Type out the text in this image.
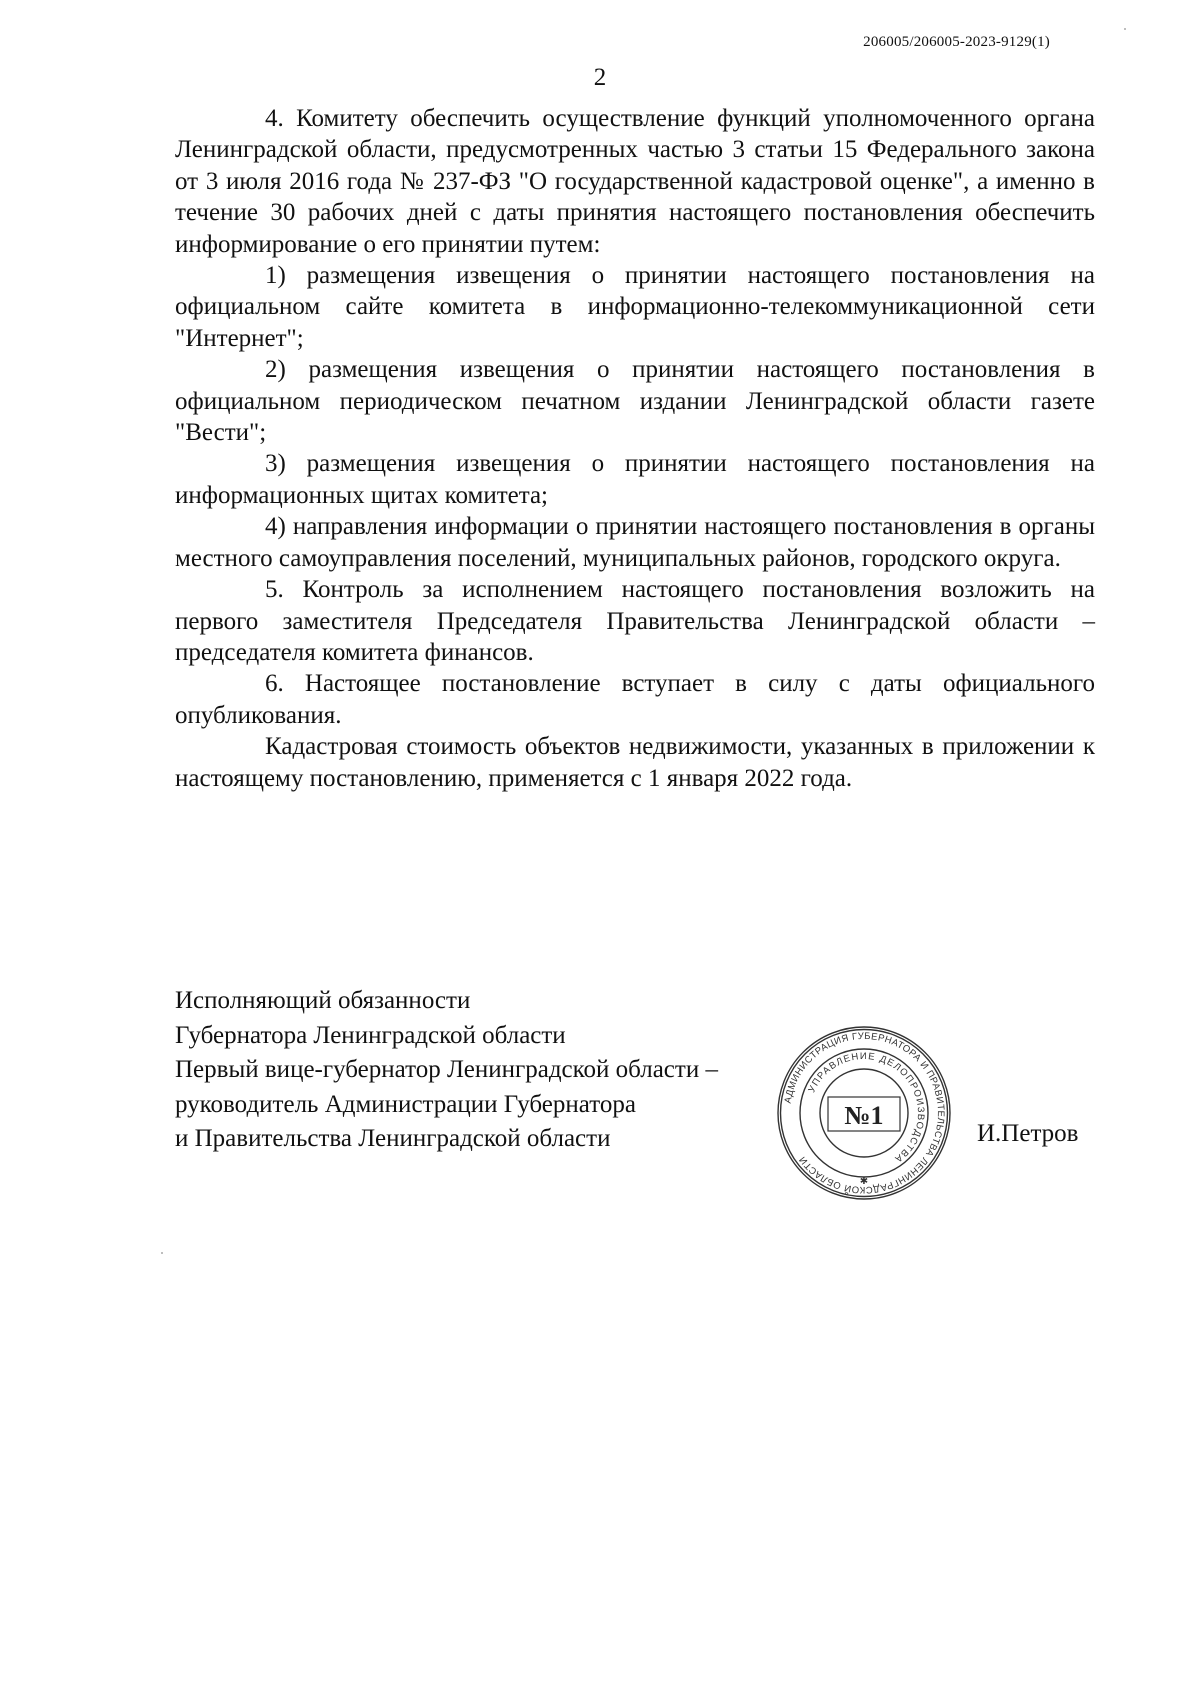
206005/206005-2023-9129(1)
2

4. Комитету обеспечить осуществление функций уполномоченного органа Ленинградской области, предусмотренных частью 3 статьи 15 Федерального закона от 3 июля 2016 года № 237-ФЗ "О государственной кадастровой оценке", а именно в течение 30 рабочих дней с даты принятия настоящего постановления обеспечить информирование о его принятии путем:

1) размещения извещения о принятии настоящего постановления на официальном сайте комитета в информационно-телекоммуникационной сети "Интернет";

2) размещения извещения о принятии настоящего постановления в официальном периодическом печатном издании Ленинградской области газете "Вести";

3) размещения извещения о принятии настоящего постановления на информационных щитах комитета;

4) направления информации о принятии настоящего постановления в органы местного самоуправления поселений, муниципальных районов, городского округа.

5. Контроль за исполнением настоящего постановления возложить на первого заместителя Председателя Правительства Ленинградской области – председателя комитета финансов.

6. Настоящее постановление вступает в силу с даты официального опубликования.

Кадастровая стоимость объектов недвижимости, указанных в приложении к настоящему постановлению, применяется с 1 января 2022 года.

Исполняющий обязанности
Губернатора Ленинградской области
Первый вице-губернатор Ленинградской области –
руководитель Администрации Губернатора
и Правительства Ленинградской области	И.Петров
АДМИНИСТРАЦИЯ ГУБЕРНАТОРА И ПРАВИТЕЛЬСТВА ЛЕНИНГРАДСКОЙ ОБЛАСТИ
УПРАВЛЕНИЕ ДЕЛОПРОИЗВОДСТВА
№1
✱
